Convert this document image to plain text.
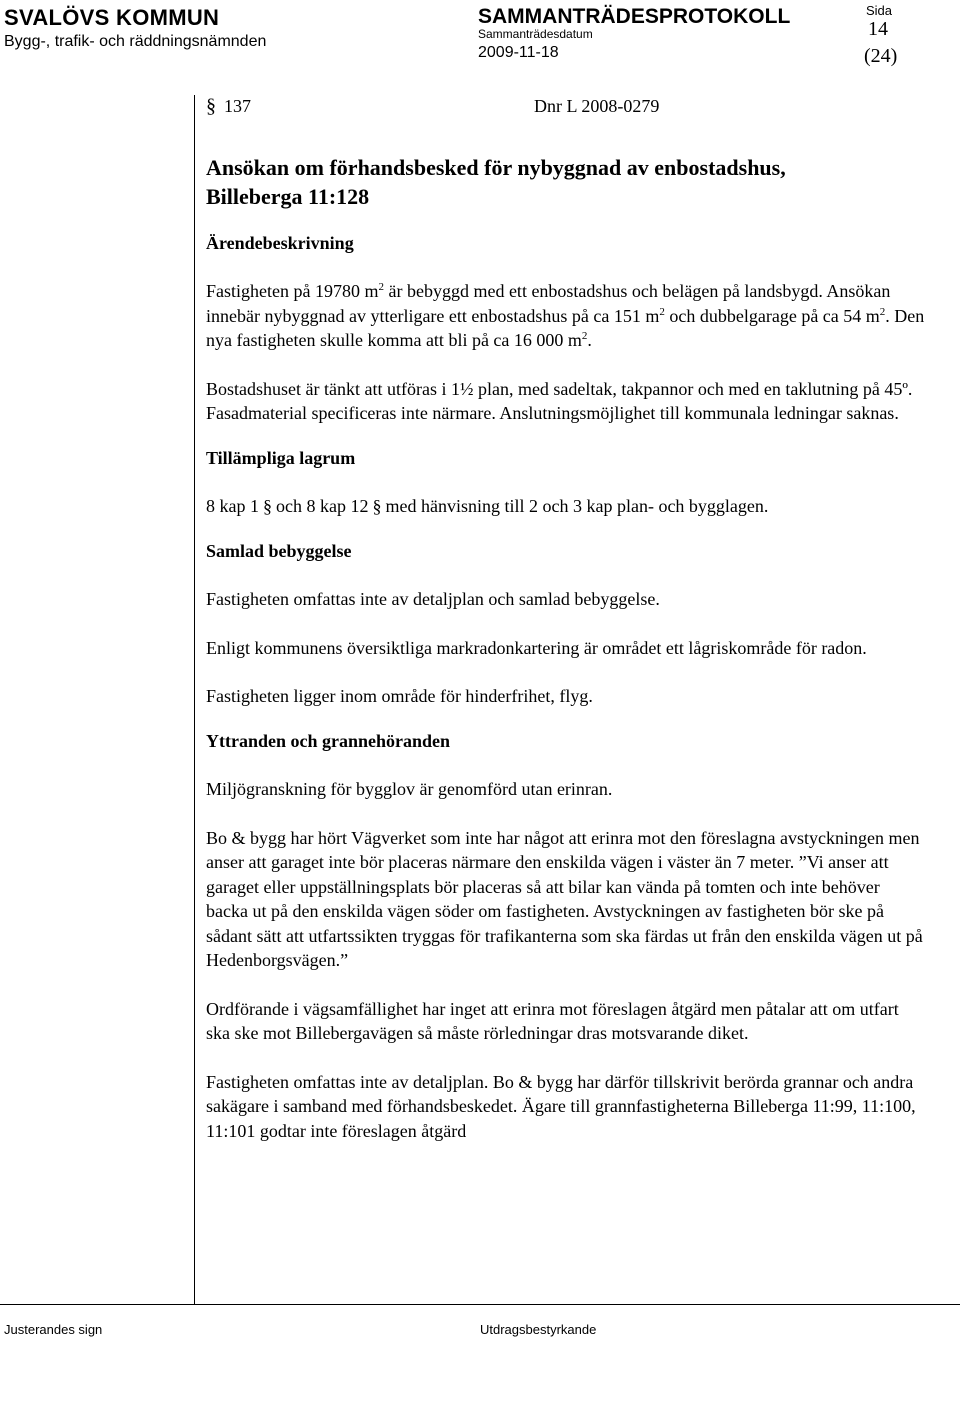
SVALÖVS KOMMUN
Bygg-, trafik- och räddningsnämnden
SAMMANTRÄDESPROTOKOLL
Sammanträdesdatum
2009-11-18
Sida
14
(24)
§ 137	Dnr L 2008-0279
Ansökan om förhandsbesked för nybyggnad av enbostadshus,
Billeberga 11:128
Ärendebeskrivning
Fastigheten på 19780 $m^2$ är bebyggd med ett enbostadshus och belägen på landsbygd. Ansökan innebär nybyggnad av ytterligare ett enbostadshus på ca 151 $m^2$ och dubbelgarage på ca 54 $m^2$. Den nya fastigheten skulle komma att bli på ca 16 000 $m^2$.
Bostadshuset är tänkt att utföras i 1½ plan, med sadeltak, takpannor och med en taklutning på 45º. Fasadmaterial specificeras inte närmare. Anslutningsmöjlighet till kommunala ledningar saknas.
Tillämpliga lagrum
8 kap 1 § och 8 kap 12 § med hänvisning till 2 och 3 kap plan- och bygglagen.
Samlad bebyggelse
Fastigheten omfattas inte av detaljplan och samlad bebyggelse.
Enligt kommunens översiktliga markradonkartering är området ett lågriskområde för radon.
Fastigheten ligger inom område för hinderfrihet, flyg.
Yttranden och grannehöranden
Miljögranskning för bygglov är genomförd utan erinran.
Bo & bygg har hört Vägverket som inte har något att erinra mot den föreslagna avstyckningen men anser att garaget inte bör placeras närmare den enskilda vägen i väster än 7 meter. ”Vi anser att garaget eller uppställningsplats bör placeras så att bilar kan vända på tomten och inte behöver backa ut på den enskilda vägen söder om fastigheten. Avstyckningen av fastigheten bör ske på sådant sätt att utfartssikten tryggas för trafikanterna som ska färdas ut från den enskilda vägen ut på Hedenborgsvägen.”
Ordförande i vägsamfällighet har inget att erinra mot föreslagen åtgärd men påtalar att om utfart ska ske mot Billebergavägen så måste rörledningar dras motsvarande diket.
Fastigheten omfattas inte av detaljplan. Bo & bygg har därför tillskrivit berörda grannar och andra sakägare i samband med förhandsbeskedet. Ägare till grannfastigheterna Billeberga 11:99, 11:100, 11:101 godtar inte föreslagen åtgärd
Justerandes sign	Utdragsbestyrkande
